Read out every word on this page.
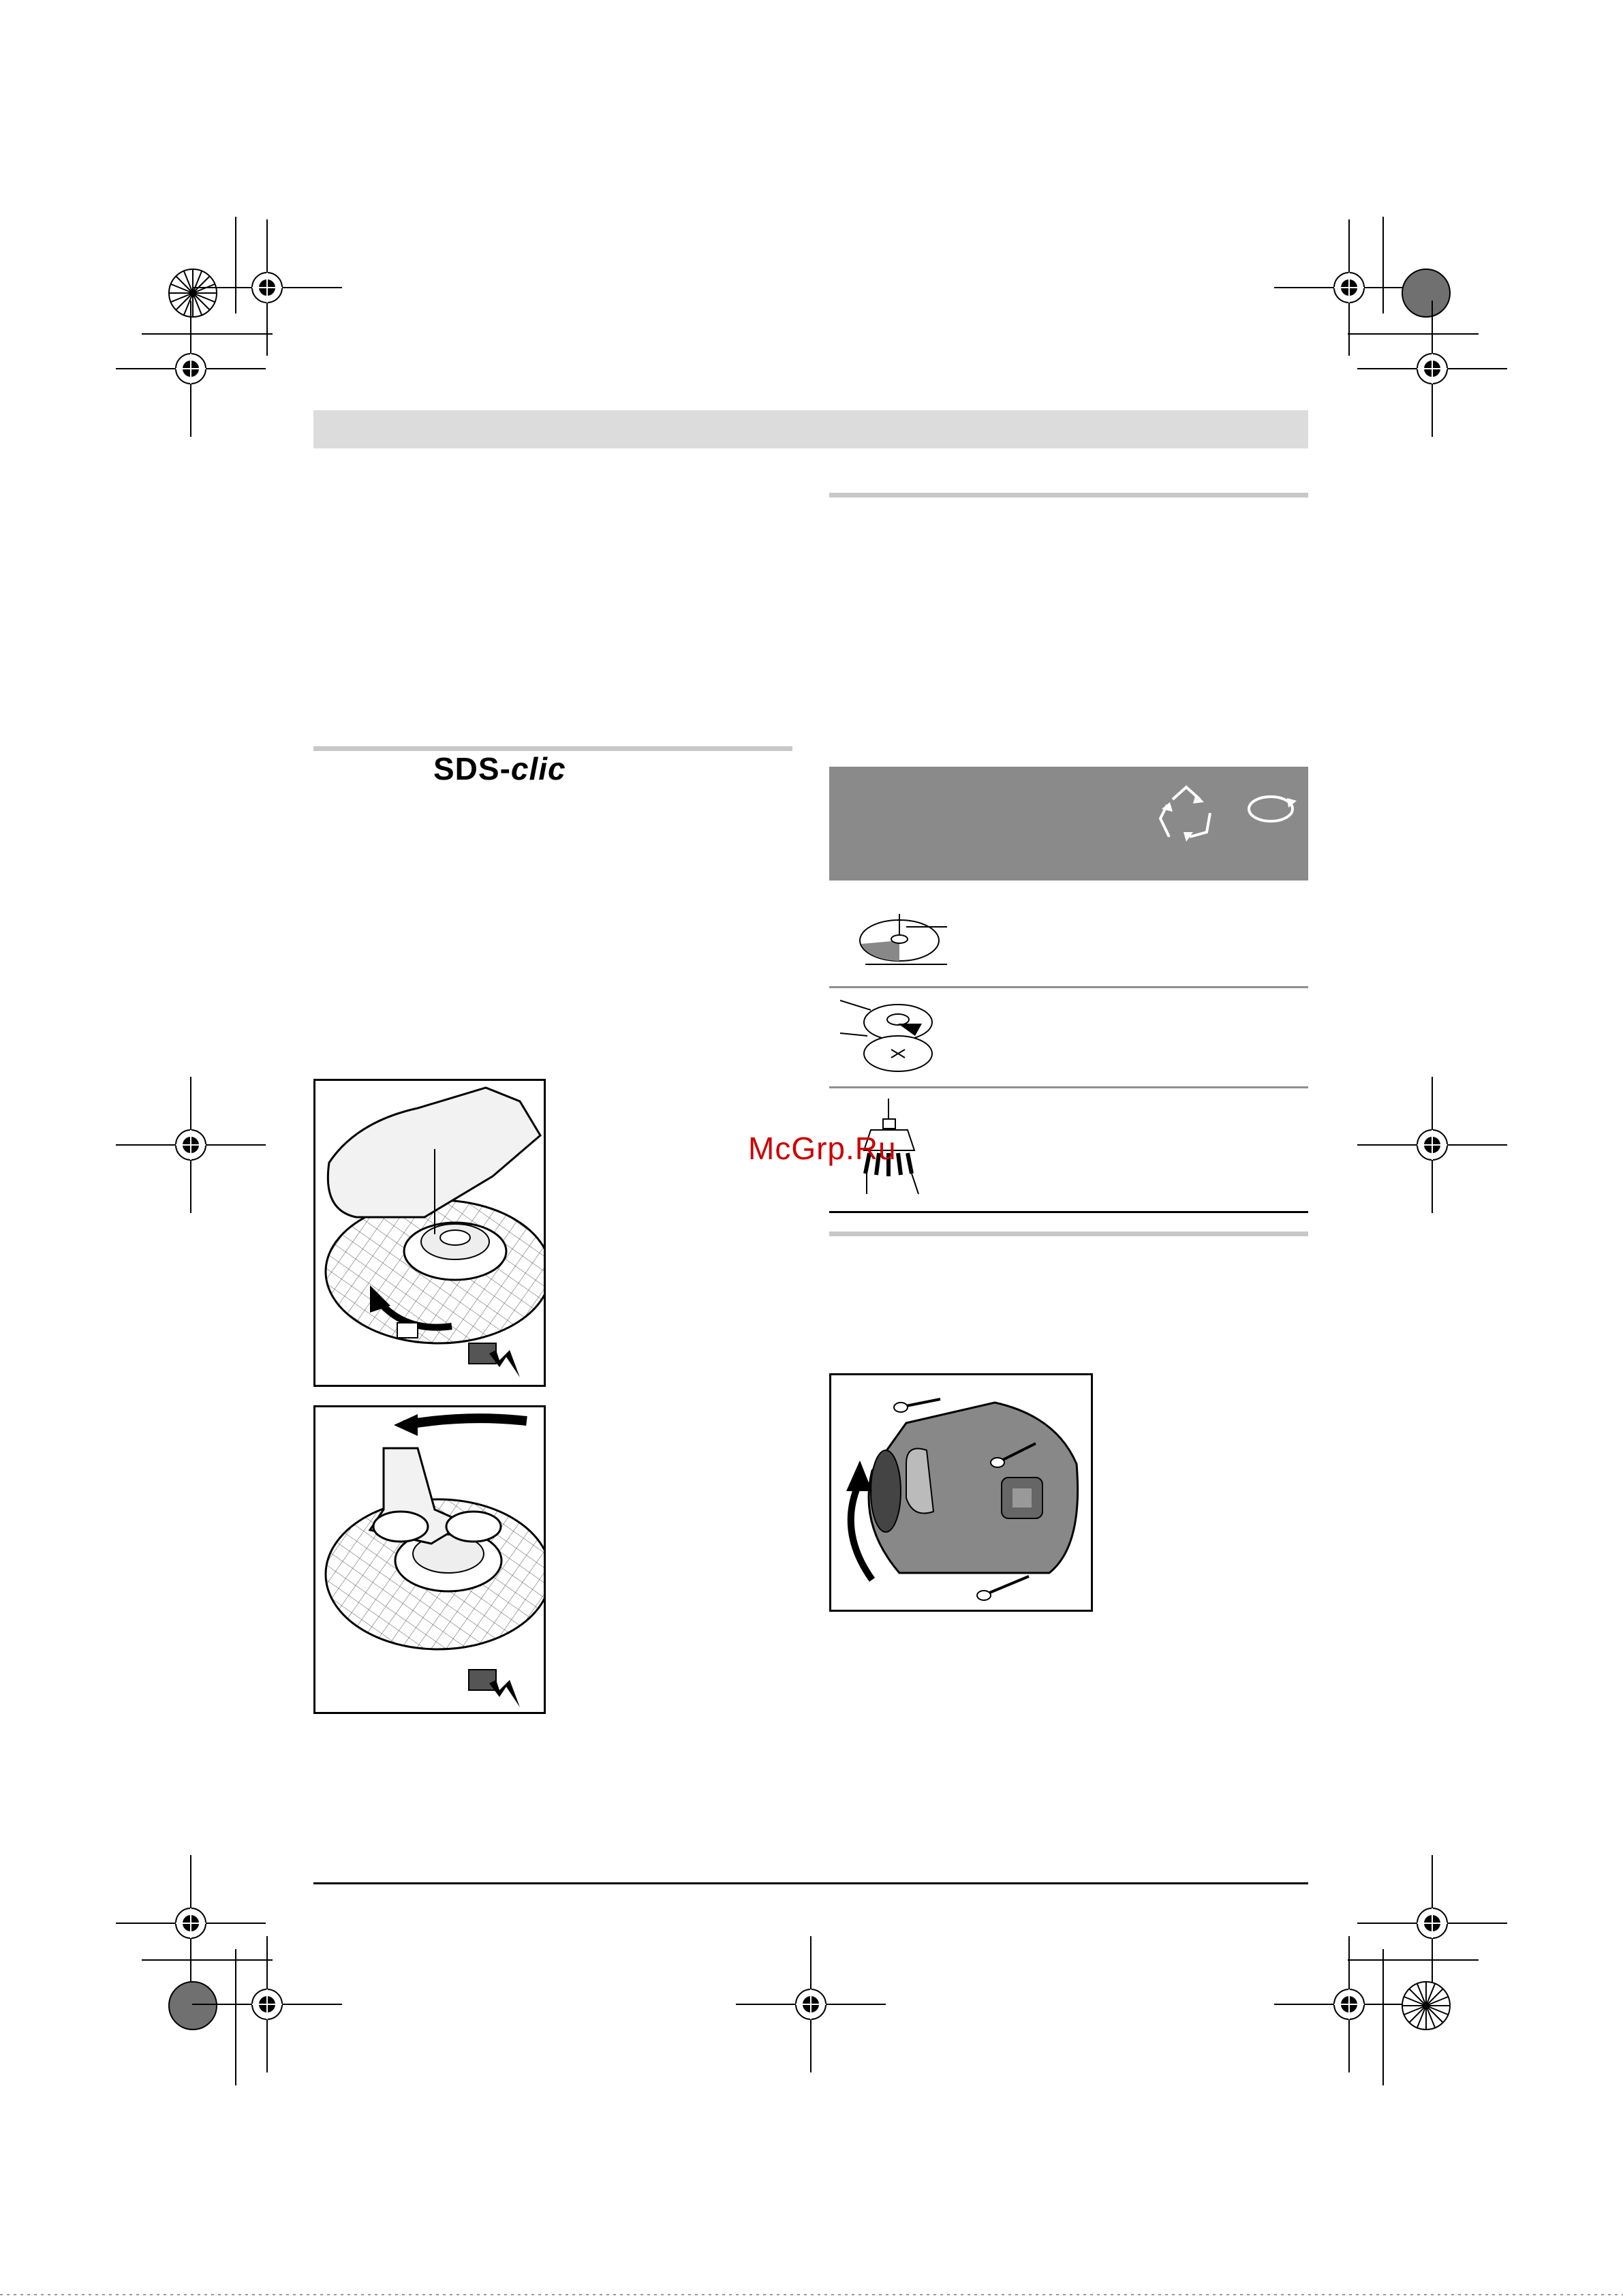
SDS-clic
McGrp.Ru
